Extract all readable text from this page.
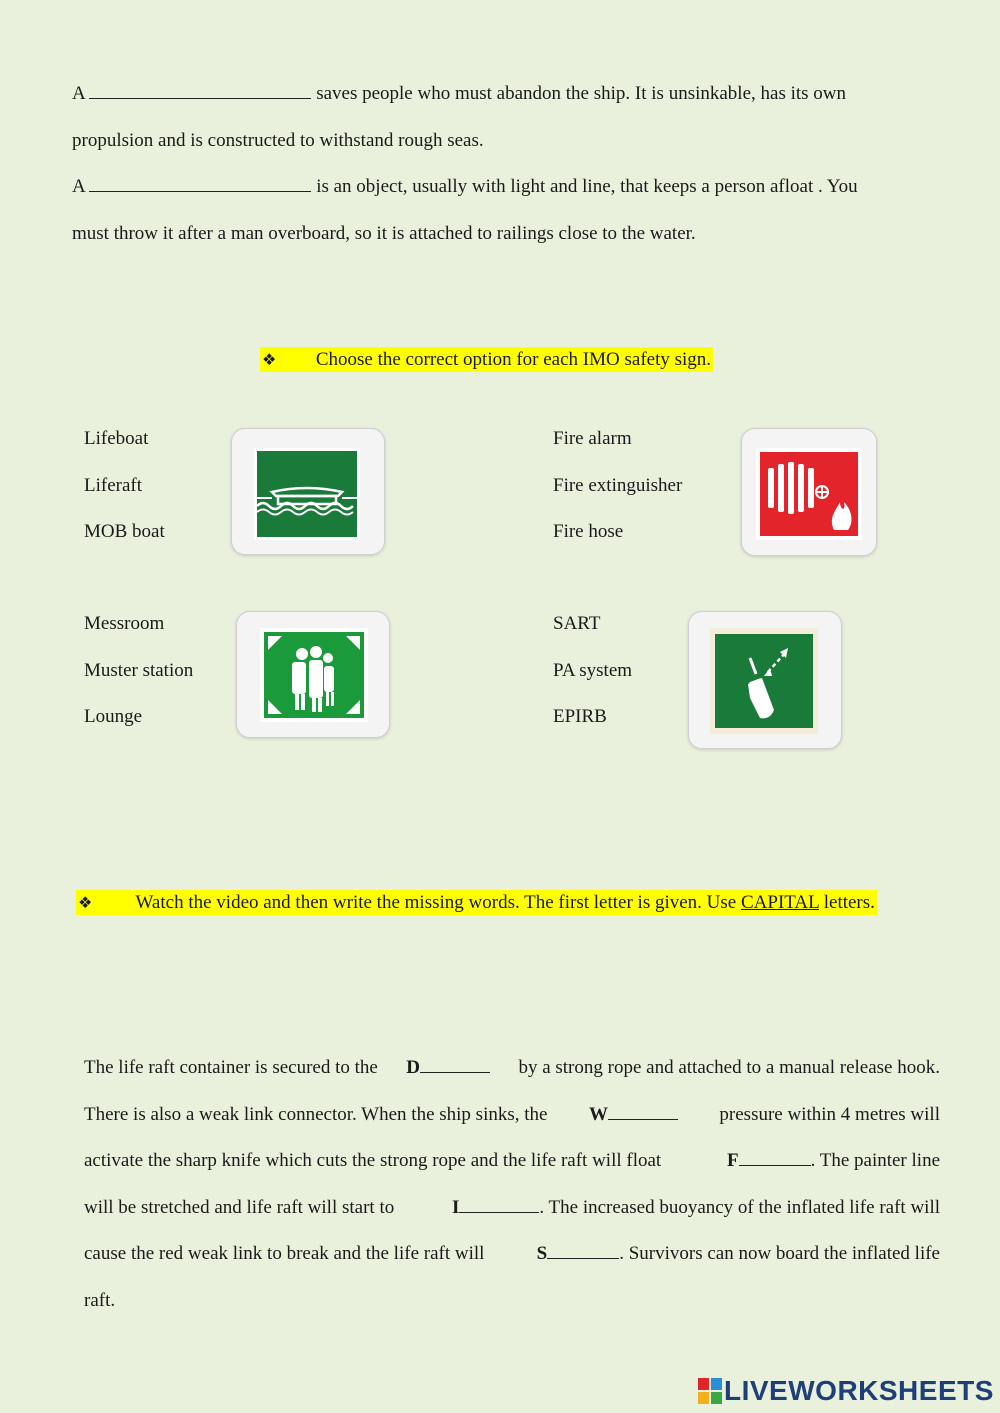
A	saves people who must abandon the ship. It is unsinkable, has its own
propulsion and is constructed to withstand rough seas.
A	is an object, usually with light and line, that keeps a person afloat . You
must throw it after a man overboard, so it is attached to railings close to the water.
❖ Choose the correct option for each IMO safety sign.
Lifeboat
Liferaft
MOB boat
Fire alarm
Fire extinguisher
Fire hose
Messroom
Muster station
Lounge
SART
PA system
EPIRB
❖ Watch the video and then write the missing words. The first letter is given. Use CAPITAL letters.
The life raft container is secured to the D	by a strong rope and attached to a manual release hook.
There is also a weak link connector. When the ship sinks, the W	pressure within 4 metres will
activate the sharp knife which cuts the strong rope and the life raft will float	F	. The painter line
will be stretched and life raft will start to	I	. The increased buoyancy of the inflated life raft will
cause the red weak link to break and the life raft will	S	. Survivors can now board the inflated life
raft.
LIVEWORKSHEETS
